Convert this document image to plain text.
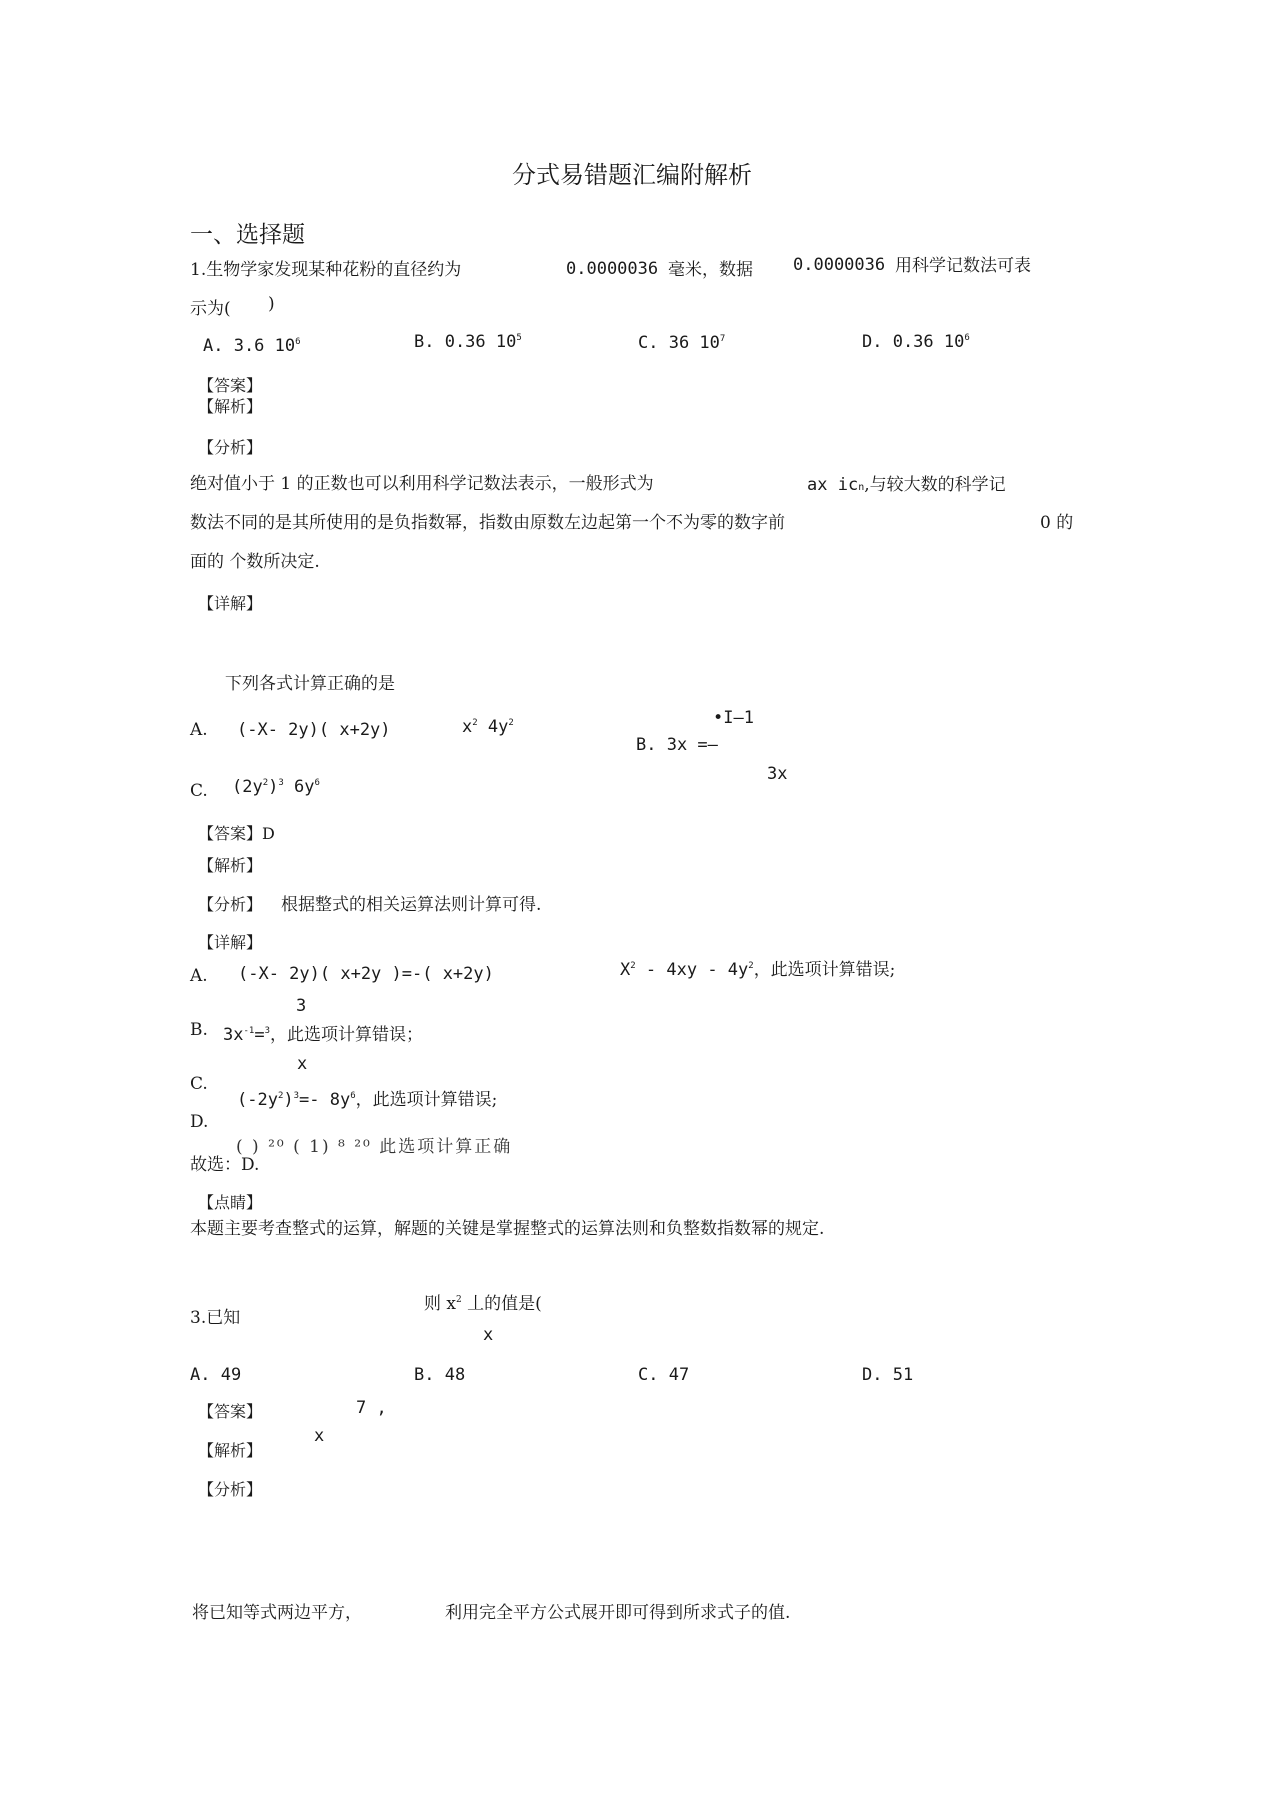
分式易错题汇编附解析
一、选择题
1.生物学家发现某种花粉的直径约为	0.0000036 毫米，数据 0.0000036 用科学记数法可表
示为( )
A. 3.6 $10^6$	B. 0.36 $10^5$	C. 36 $10^7$	D. 0.36 $10^6$
【答案】
【解析】
【分析】
绝对值小于 1 的正数也可以利用科学记数法表示，一般形式为	ax icn,与较大数的科学记
数法不同的是其所使用的是负指数幂，指数由原数左边起第一个不为零的数字前	0 的
面的 个数所决定.
【详解】
下列各式计算正确的是
A. (-X- 2y)( x+2y)	$x^2$ $4y^2$	•I—1
B. 3x =—
3x
C. $(2y^2)^3$ $6y^6$
【答案】D
【解析】
【分析】 根据整式的相关运算法则计算可得.
【详解】
A. (-X- 2y)( x+2y )=-( x+2y)	$X^2 - 4xy - 4y^2$，此选项计算错误;
3
B. $3x^{-1}=^3$，此选项计算错误；
x
C.
$(-2y^2)^3=-$ $8y^6$，此选项计算错误;
D.
( ) ²⁰ ( 1) ⁸ ²⁰ 此选项计算正确
故选：D.
【点睛】
本题主要考查整式的运算，解题的关键是掌握整式的运算法则和负整数指数幂的规定.
3.已知
则 $x^2$ 丄的值是(
x
A. 49	B. 48	C. 47	D. 51
【答案】	7 ,
x
【解析】
【分析】
将已知等式两边平方，	利用完全平方公式展开即可得到所求式子的值.
